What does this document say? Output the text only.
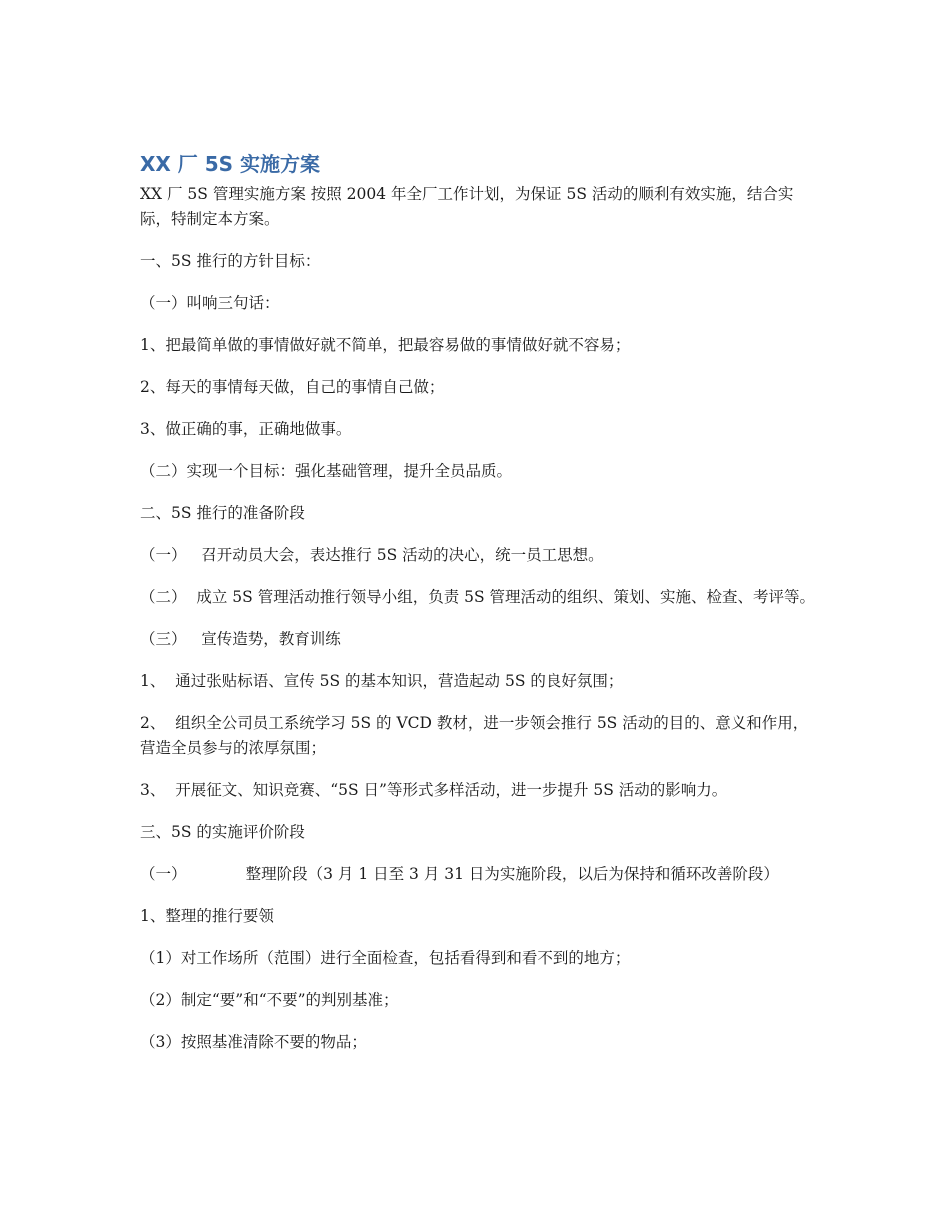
XX 厂 5S 实施方案

XX 厂 5S 管理实施方案 按照 2004 年全厂工作计划，为保证 5S 活动的顺利有效实施，结合实际，特制定本方案。

一、5S 推行的方针目标：

（一）叫响三句话：

1、把最简单做的事情做好就不简单，把最容易做的事情做好就不容易；

2、每天的事情每天做，自己的事情自己做；

3、做正确的事，正确地做事。

（二）实现一个目标：强化基础管理，提升全员品质。

二、5S 推行的准备阶段

（一）   召开动员大会，表达推行 5S 活动的决心，统一员工思想。

（二）  成立 5S 管理活动推行领导小组，负责 5S 管理活动的组织、策划、实施、检查、考评等。

（三）   宣传造势，教育训练

1、  通过张贴标语、宣传 5S 的基本知识，营造起动 5S 的良好氛围；

2、  组织全公司员工系统学习 5S 的 VCD 教材，进一步领会推行 5S 活动的目的、意义和作用，营造全员参与的浓厚氛围；

3、  开展征文、知识竞赛、“5S 日”等形式多样活动，进一步提升 5S 活动的影响力。

三、5S 的实施评价阶段

（一）            整理阶段（3 月 1 日至 3 月 31 日为实施阶段，以后为保持和循环改善阶段）

1、整理的推行要领

（1）对工作场所（范围）进行全面检查，包括看得到和看不到的地方；

（2）制定“要”和“不要”的判别基准；

（3）按照基准清除不要的物品；
